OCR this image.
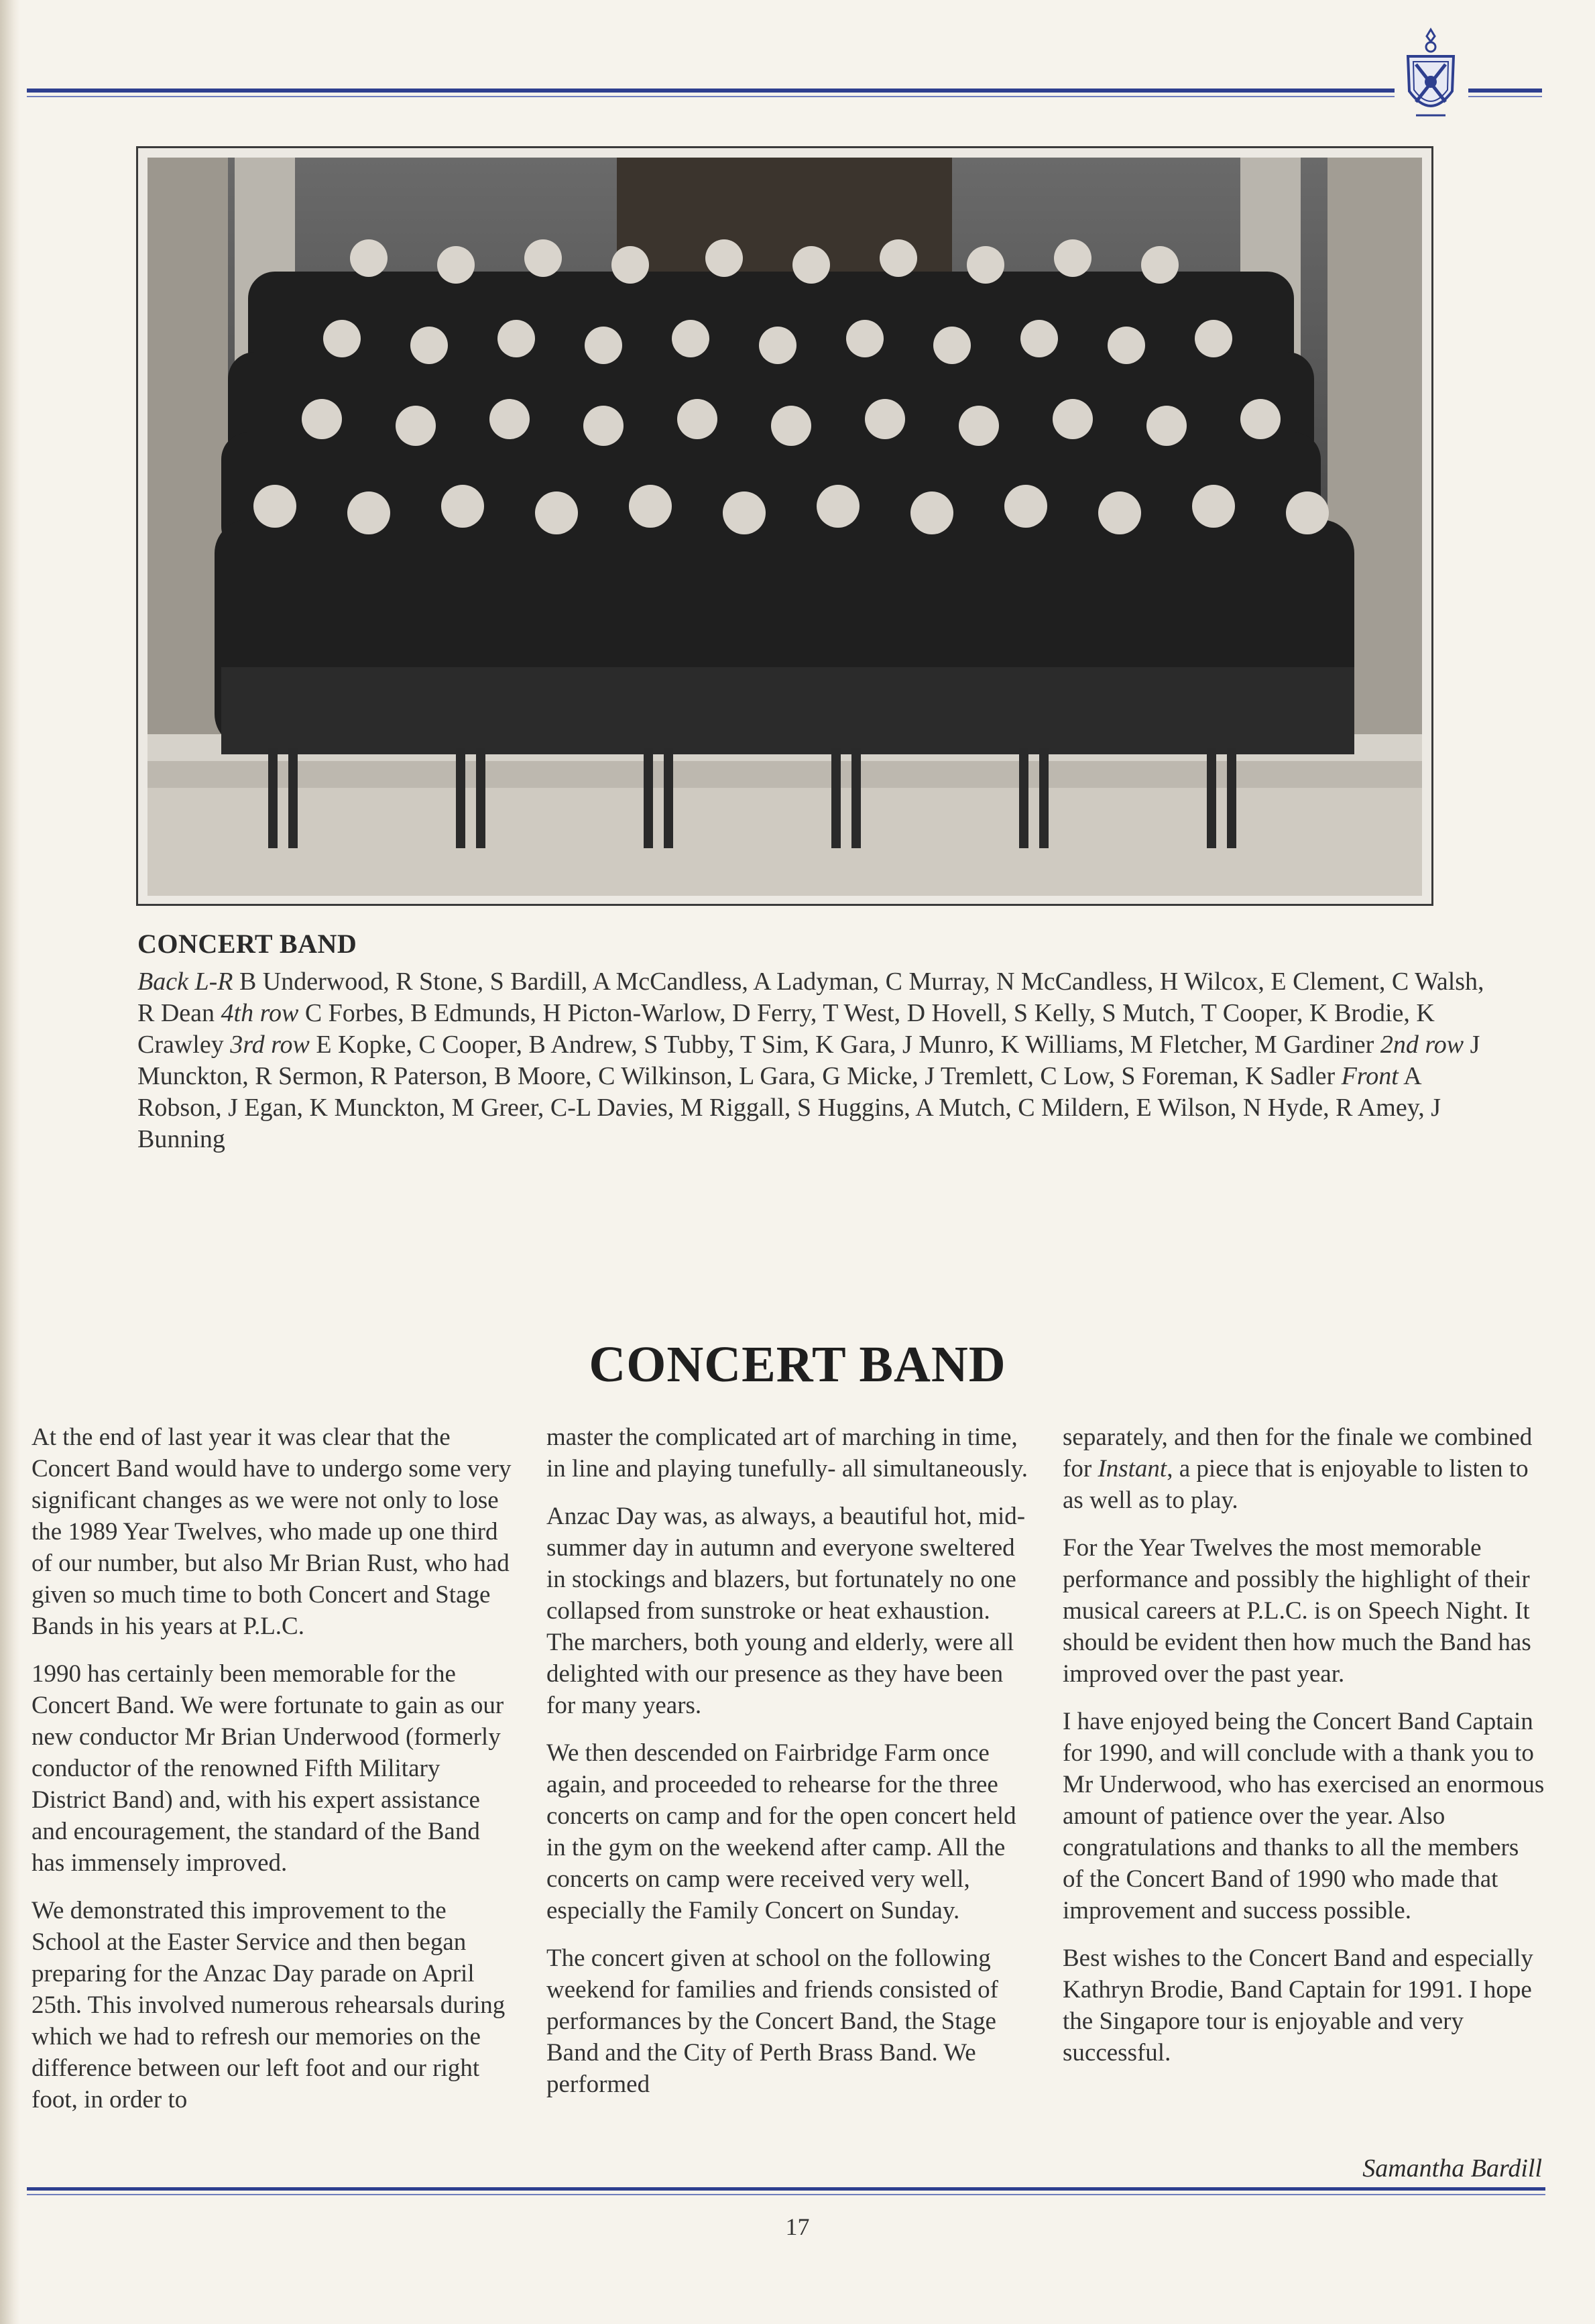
CONCERT BAND
Back L-R B Underwood, R Stone, S Bardill, A McCandless, A Ladyman, C Murray, N McCandless, H Wilcox, E Clement, C Walsh, R Dean 4th row C Forbes, B Edmunds, H Picton-Warlow, D Ferry, T West, D Hovell, S Kelly, S Mutch, T Cooper, K Brodie, K Crawley 3rd row E Kopke, C Cooper, B Andrew, S Tubby, T Sim, K Gara, J Munro, K Williams, M Fletcher, M Gardiner 2nd row J Munckton, R Sermon, R Paterson, B Moore, C Wilkinson, L Gara, G Micke, J Tremlett, C Low, S Foreman, K Sadler Front A Robson, J Egan, K Munckton, M Greer, C-L Davies, M Riggall, S Huggins, A Mutch, C Mildern, E Wilson, N Hyde, R Amey, J Bunning
CONCERT BAND

At the end of last year it was clear that the Concert Band would have to undergo some very significant changes as we were not only to lose the 1989 Year Twelves, who made up one third of our number, but also Mr Brian Rust, who had given so much time to both Concert and Stage Bands in his years at P.L.C.

1990 has certainly been memorable for the Concert Band. We were fortunate to gain as our new conductor Mr Brian Underwood (formerly conductor of the renowned Fifth Military District Band) and, with his expert assistance and encouragement, the standard of the Band has immensely improved.

We demonstrated this improvement to the School at the Easter Service and then began preparing for the Anzac Day parade on April 25th. This involved numerous rehearsals during which we had to refresh our memories on the difference between our left foot and our right foot, in order to

master the complicated art of marching in time, in line and playing tunefully- all simultaneously.

Anzac Day was, as always, a beautiful hot, mid-summer day in autumn and everyone sweltered in stockings and blazers, but fortunately no one collapsed from sunstroke or heat exhaustion. The marchers, both young and elderly, were all delighted with our presence as they have been for many years.

We then descended on Fairbridge Farm once again, and proceeded to rehearse for the three concerts on camp and for the open concert held in the gym on the weekend after camp. All the concerts on camp were received very well, especially the Family Concert on Sunday.

The concert given at school on the following weekend for families and friends consisted of performances by the Concert Band, the Stage Band and the City of Perth Brass Band. We performed

separately, and then for the finale we combined for Instant, a piece that is enjoyable to listen to as well as to play.

For the Year Twelves the most memorable performance and possibly the highlight of their musical careers at P.L.C. is on Speech Night. It should be evident then how much the Band has improved over the past year.

I have enjoyed being the Concert Band Captain for 1990, and will conclude with a thank you to Mr Underwood, who has exercised an enormous amount of patience over the year. Also congratulations and thanks to all the members of the Concert Band of 1990 who made that improvement and success possible.

Best wishes to the Concert Band and especially Kathryn Brodie, Band Captain for 1991. I hope the Singapore tour is enjoyable and very successful.

Samantha Bardill
17
